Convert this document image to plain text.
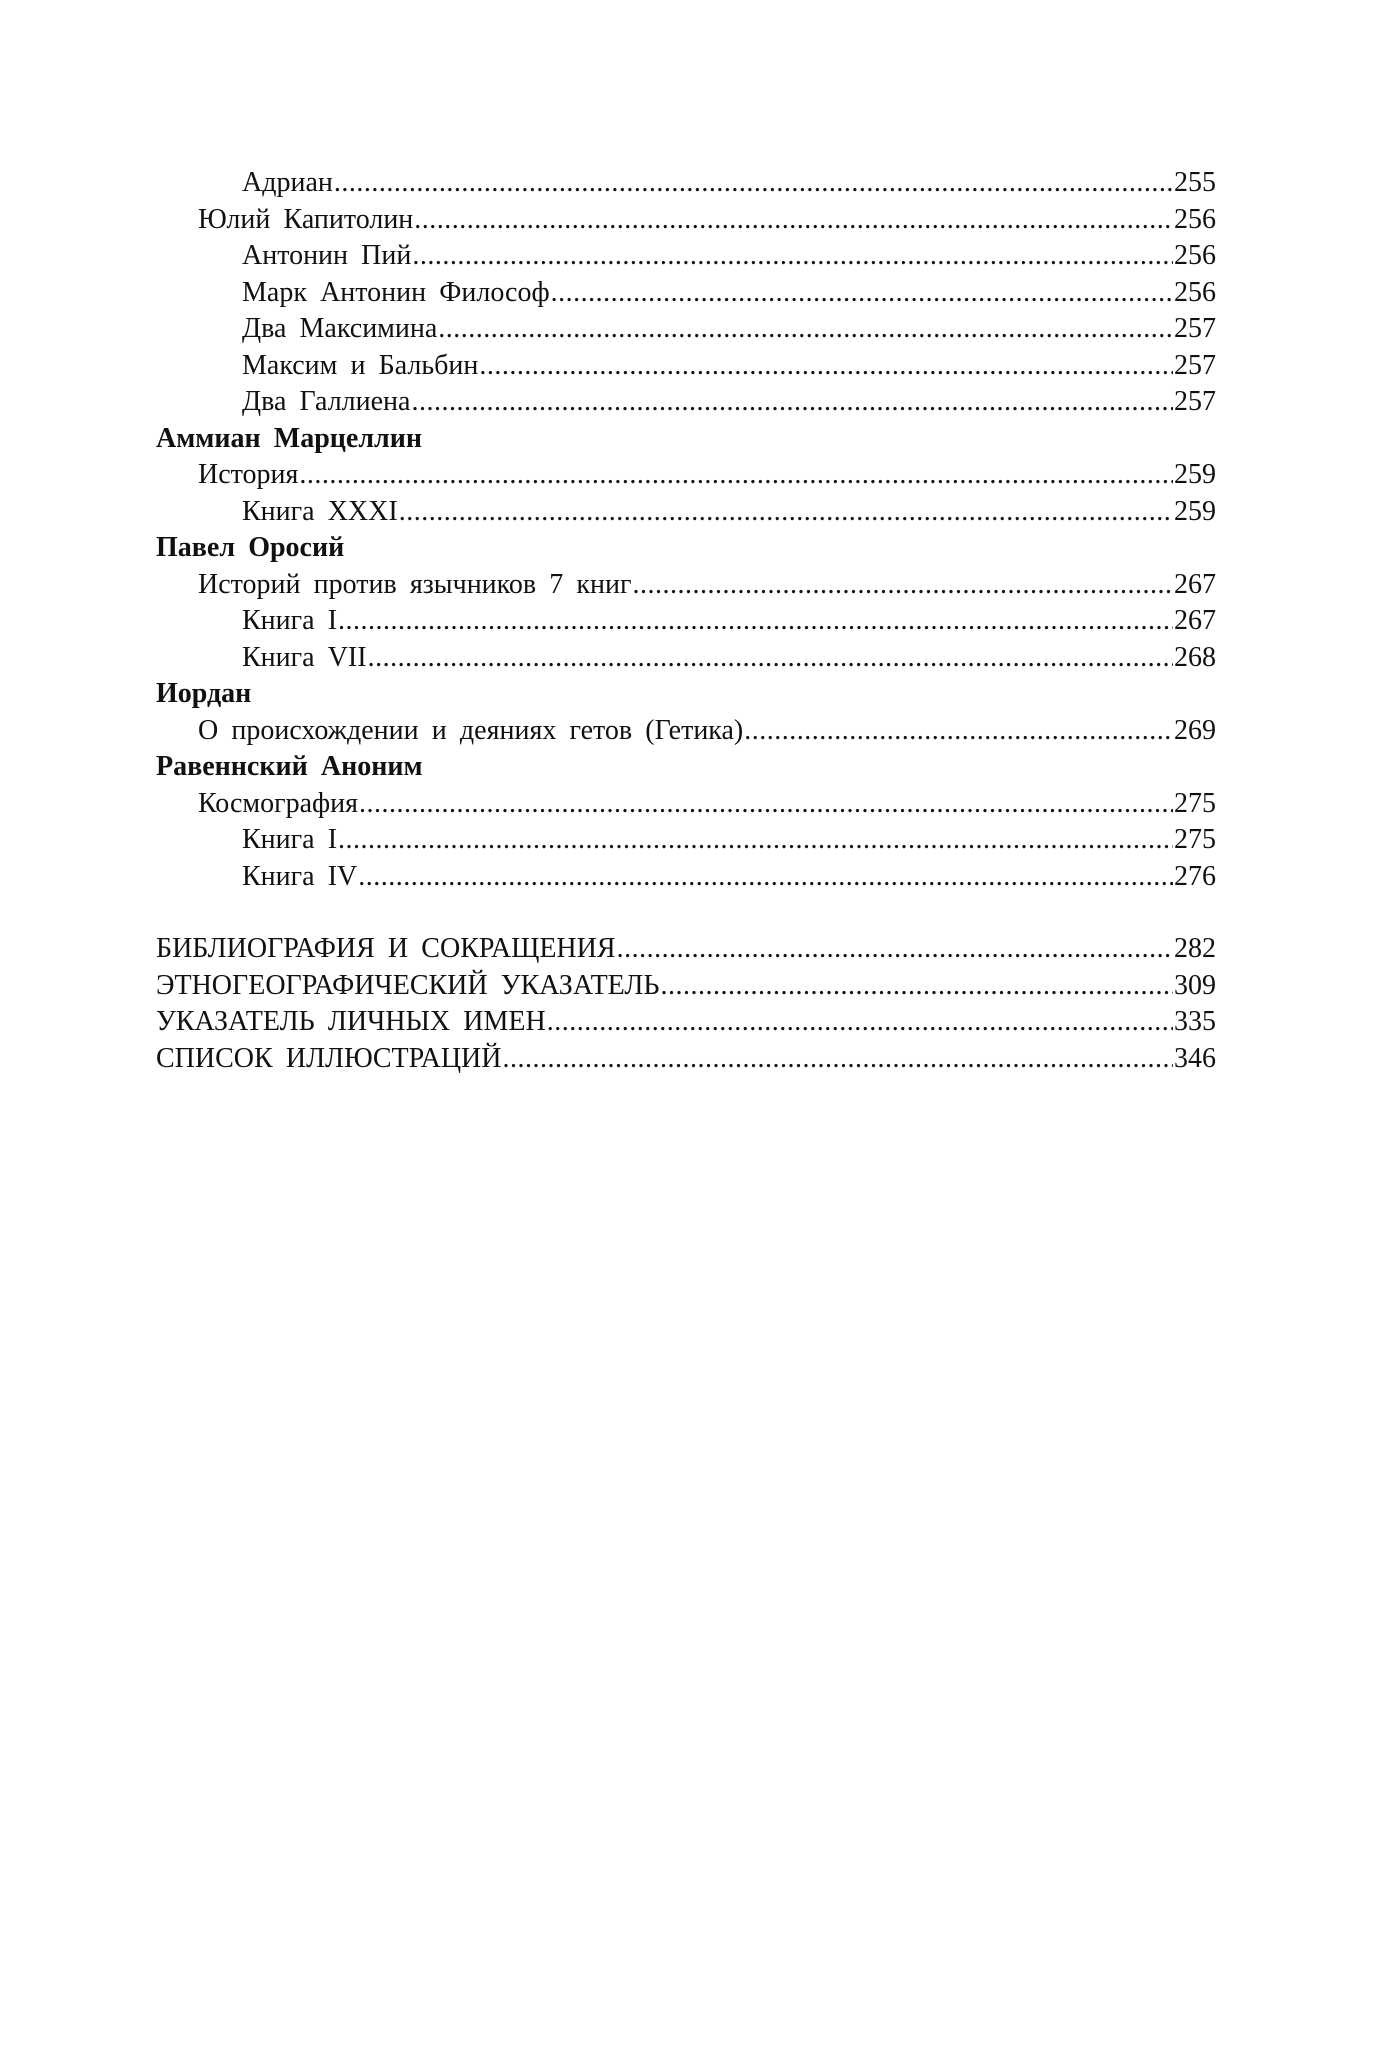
Адриан .....	255
Юлий Капитолин .....	256
Антонин Пий .....	256
Марк Антонин Философ .....	256
Два Максимина .....	257
Максим и Бальбин .....	257
Два Галлиена .....	257
Аммиан Марцеллин
История .....	259
Книга XXXI .....	259
Павел Оросий
Историй против язычников 7 книг .....	267
Книга I .....	267
Книга VII .....	268
Иордан
О происхождении и деяниях гетов (Гетика) .....	269
Равеннский Аноним
Космография .....	275
Книга I .....	275
Книга IV .....	276
БИБЛИОГРАФИЯ И СОКРАЩЕНИЯ .....	282
ЭТНОГЕОГРАФИЧЕСКИЙ УКАЗАТЕЛЬ .....	309
УКАЗАТЕЛЬ ЛИЧНЫХ ИМЕН .....	335
СПИСОК ИЛЛЮСТРАЦИЙ .....	346
